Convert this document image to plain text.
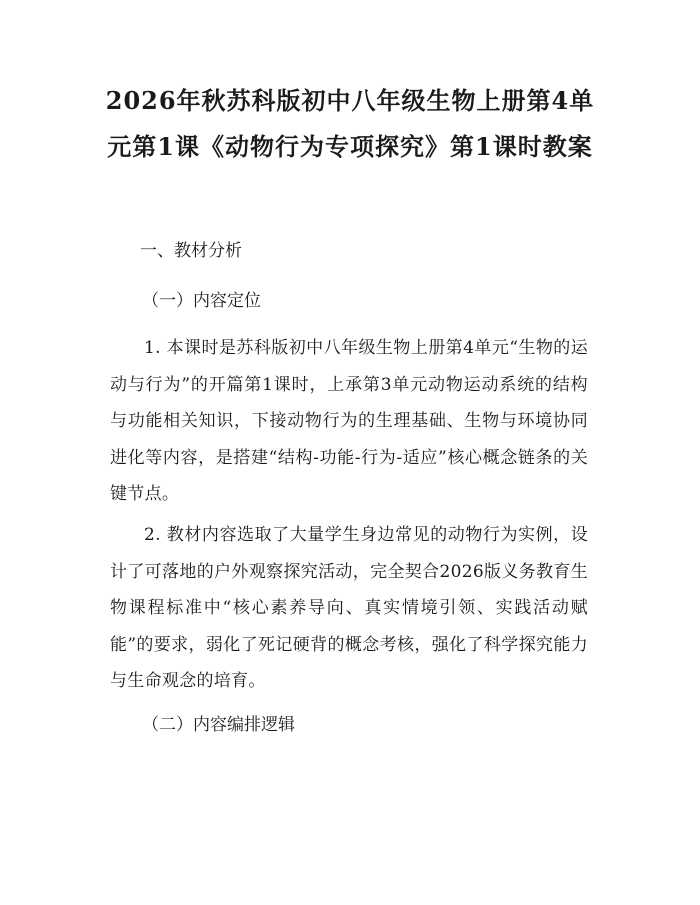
2026年秋苏科版初中八年级生物上册第4单元第1课《动物行为专项探究》第1课时教案

一、教材分析

（一）内容定位

1. 本课时是苏科版初中八年级生物上册第4单元“生物的运动与行为”的开篇第1课时，上承第3单元动物运动系统的结构与功能相关知识，下接动物行为的生理基础、生物与环境协同进化等内容，是搭建“结构-功能-行为-适应”核心概念链条的关键节点。

2. 教材内容选取了大量学生身边常见的动物行为实例，设计了可落地的户外观察探究活动，完全契合2026版义务教育生物课程标准中“核心素养导向、真实情境引领、实践活动赋能”的要求，弱化了死记硬背的概念考核，强化了科学探究能力与生命观念的培育。

（二）内容编排逻辑
